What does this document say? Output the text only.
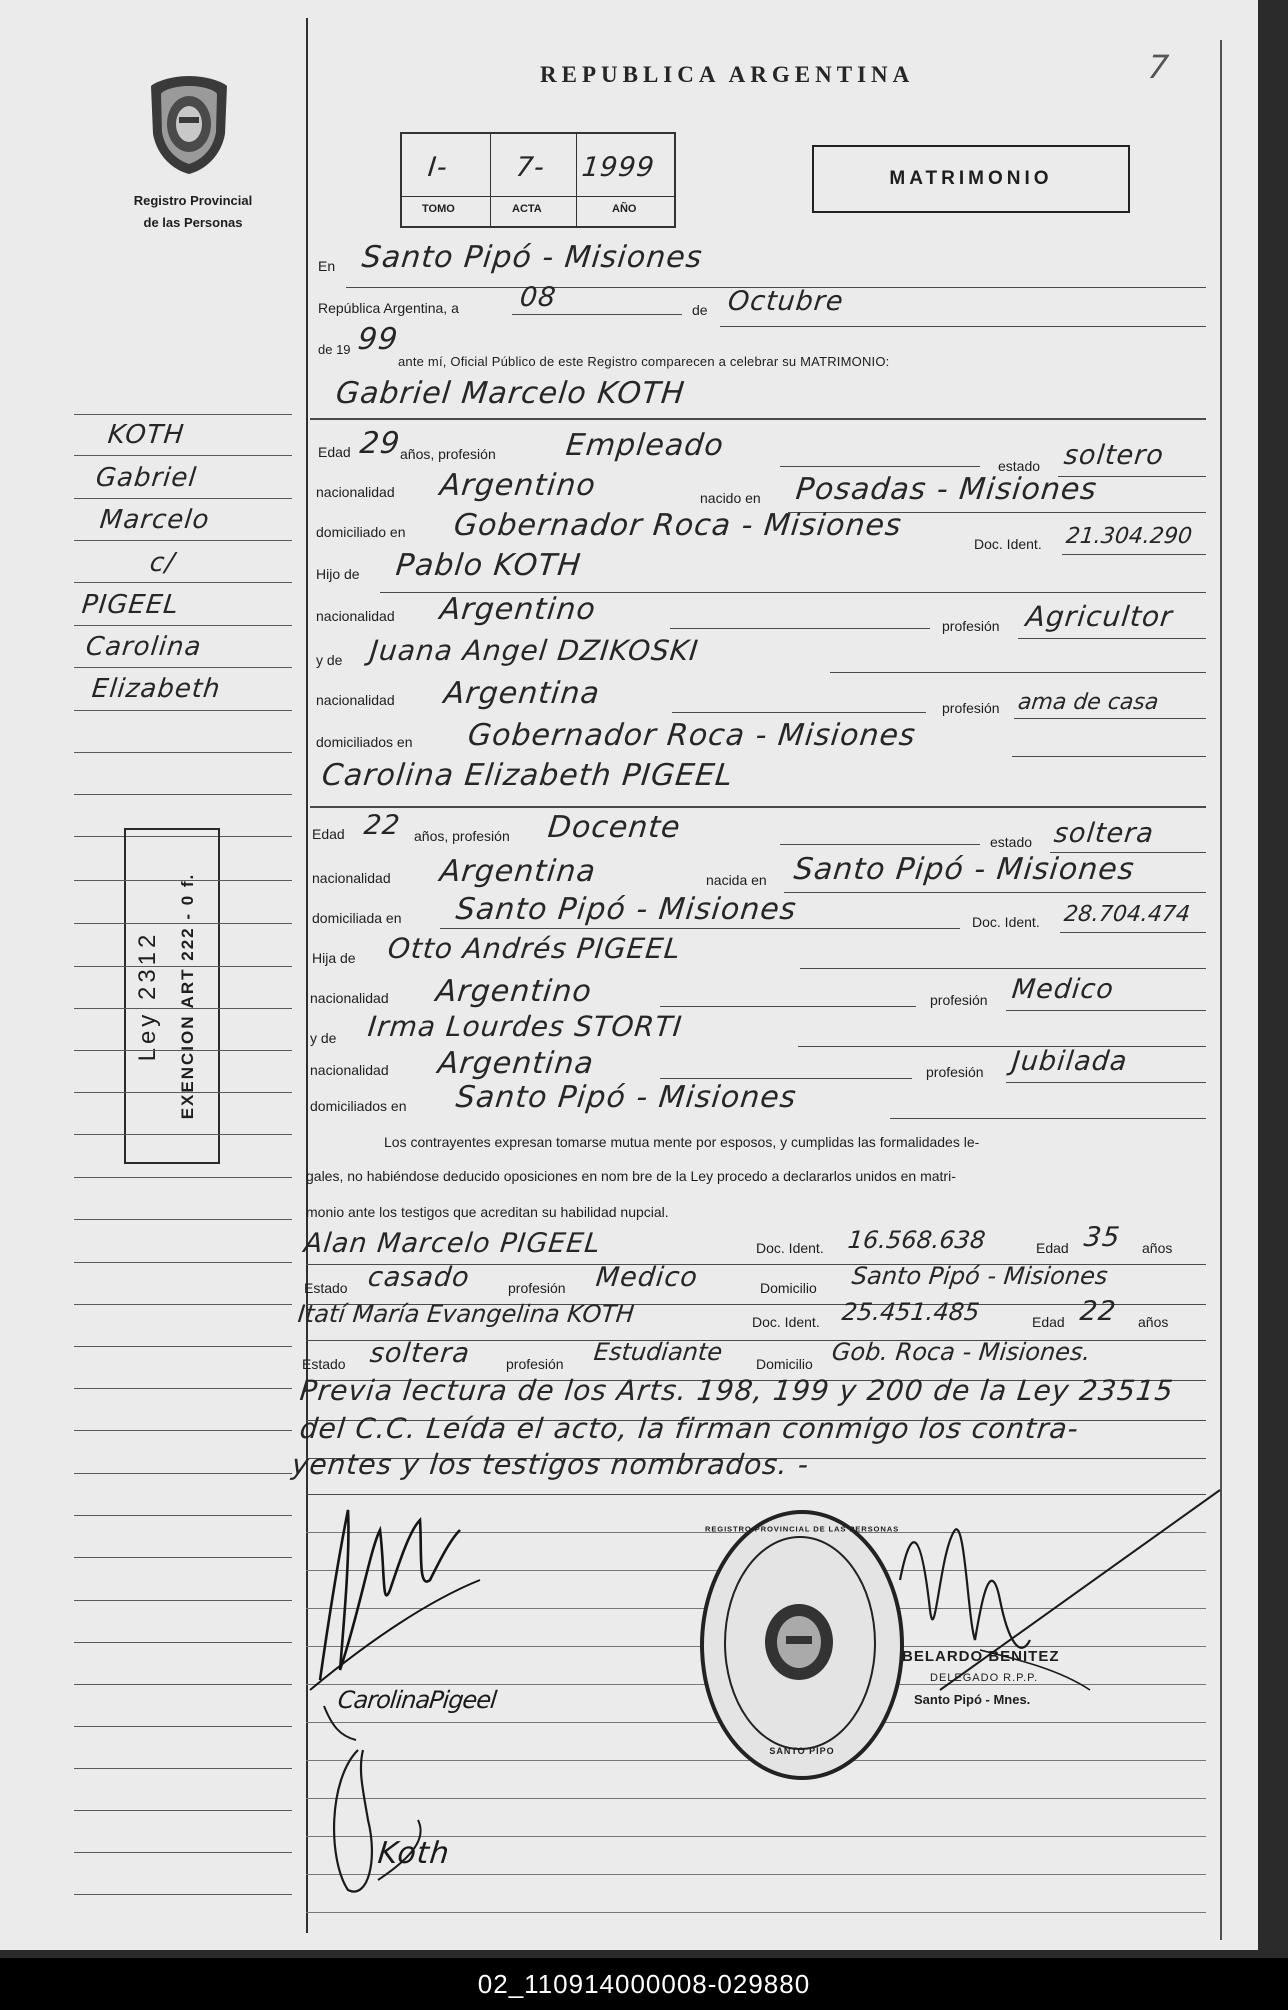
Registro Provincial
de las Personas
REPUBLICA ARGENTINA	7
I- 7- 1999
TOMO	ACTA	AÑO
MATRIMONIO
KOTH
Gabriel
Marcelo
c/
PIGEEL
Carolina
Elizabeth
Ley 2312 EXENCION ART 222 - 0 f.
En Santo Pipó - Misiones
República Argentina, a 08	de Octubre
de 19 99
ante mí, Oficial Público de este Registro comparecen a celebrar su MATRIMONIO:
Gabriel Marcelo KOTH
Edad 29
años, profesión Empleado
estado soltero
nacionalidad Argentino	nacido en Posadas - Misiones
domiciliado en Gobernador Roca - Misiones
Doc. Ident. 21.304.290
Hijo de Pablo KOTH
nacionalidad Argentino	profesión Agricultor
y de Juana Angel DZIKOSKI
nacionalidad Argentina	profesión ama de casa
domiciliados en Gobernador Roca - Misiones
Carolina Elizabeth PIGEEL
Edad 22 años, profesión Docente	estado soltera
nacionalidad Argentina	nacida en Santo Pipó - Misiones
domiciliada en Santo Pipó - Misiones	Doc. Ident. 28.704.474
Hija de Otto Andrés PIGEEL
nacionalidad Argentino	profesión Medico
y de Irma Lourdes STORTI
nacionalidad Argentina	profesión Jubilada
domiciliados en Santo Pipó - Misiones
Los contrayentes expresan tomarse mutua mente por esposos, y cumplidas las formalidades le-
gales, no habiéndose deducido oposiciones en nom bre de la Ley procedo a declararlos unidos en matri-
monio ante los testigos que acreditan su habilidad nupcial.
Alan Marcelo PIGEEL	Doc. Ident. 16.568.638	Edad 35 años
Estado casado	profesión Medico	Domicilio Santo Pipó - Misiones
Itatí María Evangelina KOTH	Doc. Ident. 25.451.485	Edad 22 años
Estado soltera profesión Estudiante Domicilio Gob. Roca - Misiones.
Previa lectura de los Arts. 198, 199 y 200 de la Ley 23515
del C.C. Leída el acto, la firman conmigo los contra-
yentes y los testigos nombrados. -
REGISTRO PROVINCIAL DE LAS PERSONAS
SANTO PIPO
BELARDO BENITEZ
DELEGADO R.P.P.
Santo Pipó - Mnes.
CarolinaPigeel
Koth
02_110914000008-029880
